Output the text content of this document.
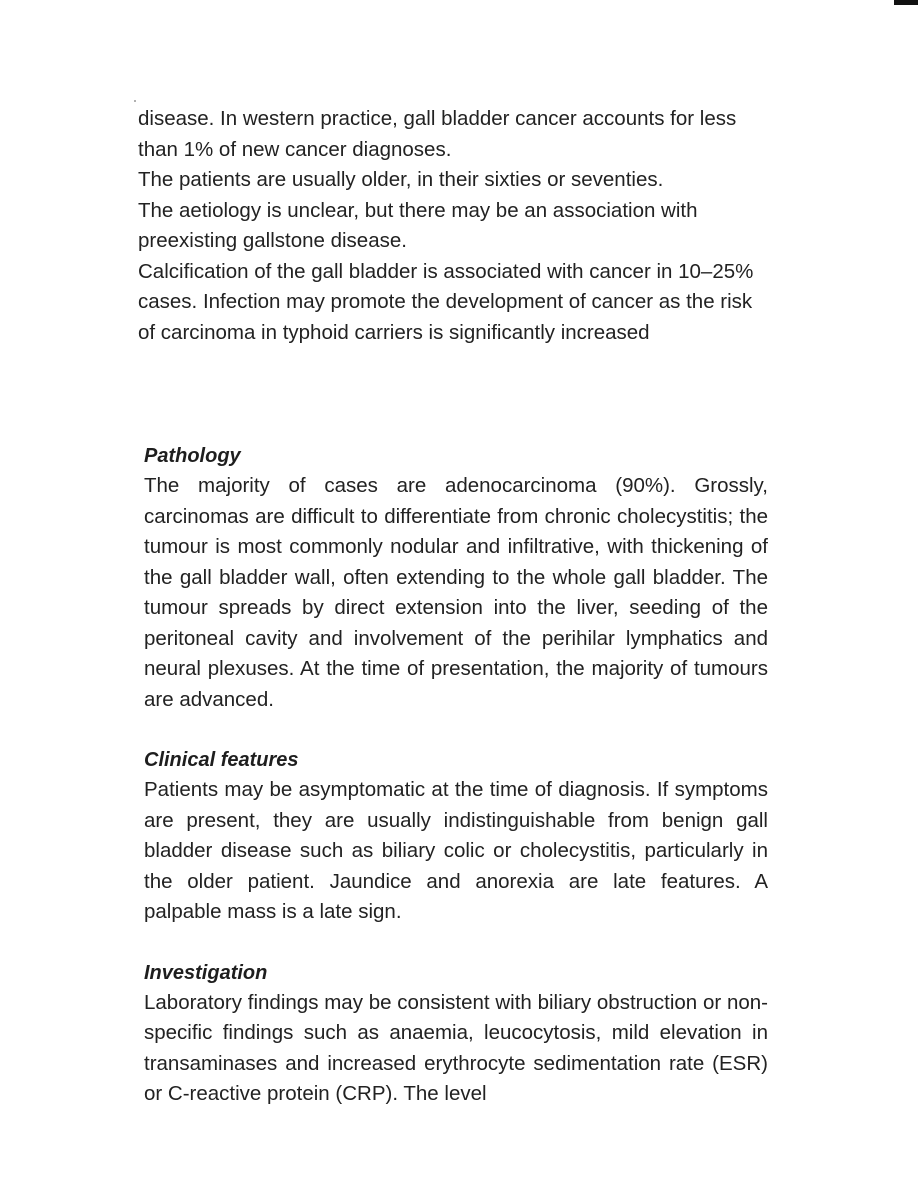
disease. In western practice, gall bladder cancer accounts for less than 1% of new cancer diagnoses.

The patients are usually older, in their sixties or seventies.

The aetiology is unclear, but there may be an association with preexisting gallstone disease.

Calcification of the gall bladder is associated with cancer in 10–25% cases. Infection may promote the development of cancer as the risk of carcinoma in typhoid carriers is significantly increased

Pathology

The majority of cases are adenocarcinoma (90%). Grossly, carcinomas are difficult to differentiate from chronic cholecystitis; the tumour is most commonly nodular and infiltrative, with thickening of the gall bladder wall, often extending to the whole gall bladder. The tumour spreads by direct extension into the liver, seeding of the peritoneal cavity and involvement of the perihilar lymphatics and neural plexuses. At the time of presentation, the majority of tumours are advanced.

Clinical features

Patients may be asymptomatic at the time of diagnosis. If symptoms are present, they are usually indistinguishable from benign gall bladder disease such as biliary colic or cholecystitis, particularly in the older patient. Jaundice and anorexia are late features. A palpable mass is a late sign.

Investigation

Laboratory findings may be consistent with biliary obstruction or non-specific findings such as anaemia, leucocytosis, mild elevation in transaminases and increased erythrocyte sedimentation rate (ESR) or C-reactive protein (CRP). The level
